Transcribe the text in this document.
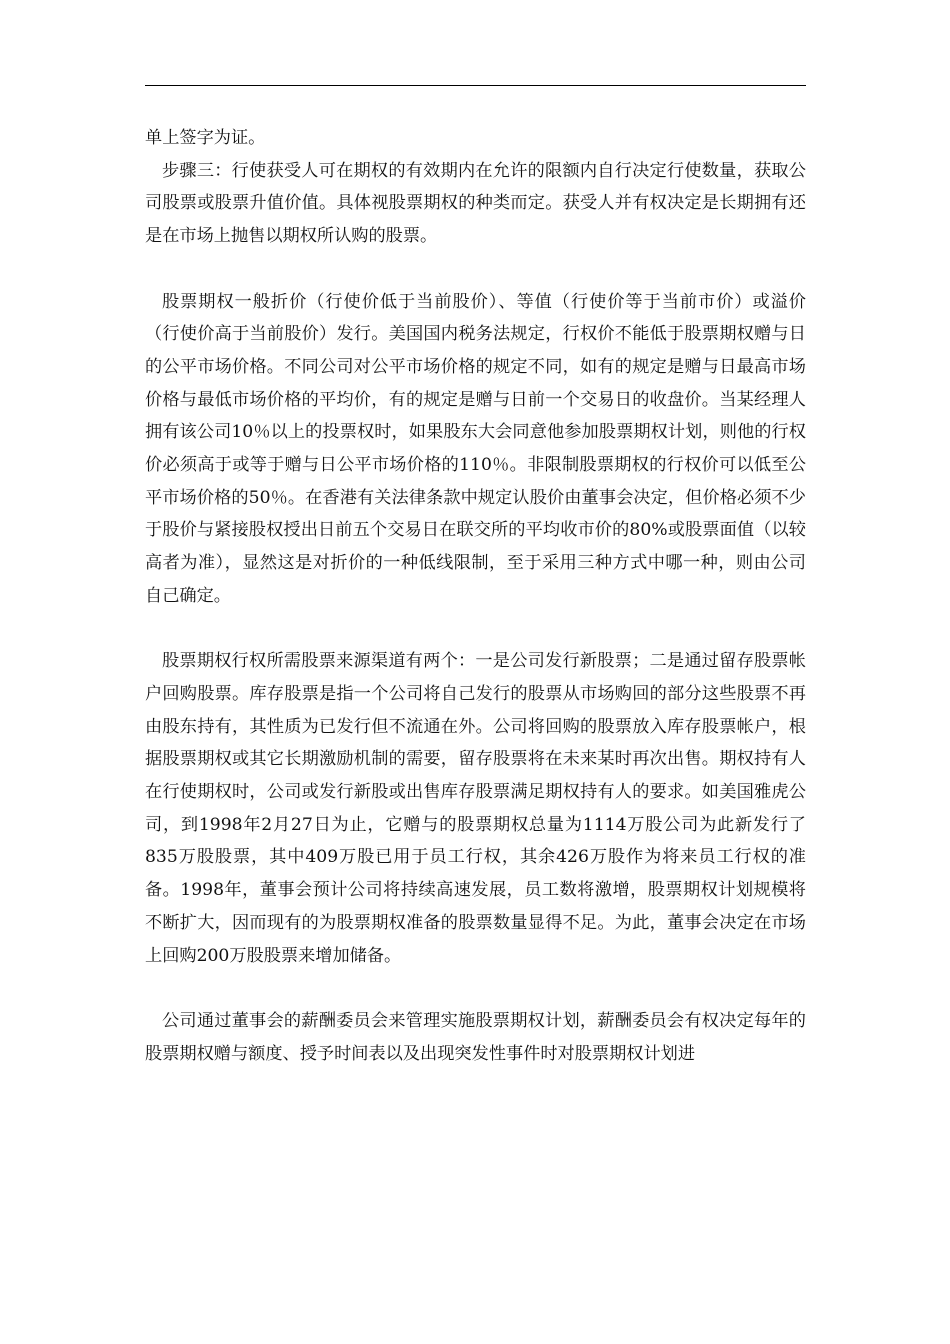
单上签字为证。

步骤三：行使获受人可在期权的有效期内在允许的限额内自行决定行使数量，获取公司股票或股票升值价值。具体视股票期权的种类而定。获受人并有权决定是长期拥有还是在市场上抛售以期权所认购的股票。

股票期权一般折价（行使价低于当前股价）、等值（行使价等于当前市价）或溢价（行使价高于当前股价）发行。美国国内税务法规定，行权价不能低于股票期权赠与日的公平市场价格。不同公司对公平市场价格的规定不同，如有的规定是赠与日最高市场价格与最低市场价格的平均价，有的规定是赠与日前一个交易日的收盘价。当某经理人拥有该公司10％以上的投票权时，如果股东大会同意他参加股票期权计划，则他的行权价必须高于或等于赠与日公平市场价格的110％。非限制股票期权的行权价可以低至公平市场价格的50％。在香港有关法律条款中规定认股价由董事会决定，但价格必须不少于股价与紧接股权授出日前五个交易日在联交所的平均收市价的80%或股票面值（以较高者为准），显然这是对折价的一种低线限制，至于采用三种方式中哪一种，则由公司自己确定。

股票期权行权所需股票来源渠道有两个：一是公司发行新股票；二是通过留存股票帐户回购股票。库存股票是指一个公司将自己发行的股票从市场购回的部分这些股票不再由股东持有，其性质为已发行但不流通在外。公司将回购的股票放入库存股票帐户，根据股票期权或其它长期激励机制的需要，留存股票将在未来某时再次出售。期权持有人在行使期权时，公司或发行新股或出售库存股票满足期权持有人的要求。如美国雅虎公司，到1998年2月27日为止，它赠与的股票期权总量为1114万股公司为此新发行了835万股股票，其中409万股已用于员工行权，其余426万股作为将来员工行权的准备。1998年，董事会预计公司将持续高速发展，员工数将激增，股票期权计划规模将不断扩大，因而现有的为股票期权准备的股票数量显得不足。为此，董事会决定在市场上回购200万股股票来增加储备。

公司通过董事会的薪酬委员会来管理实施股票期权计划，薪酬委员会有权决定每年的股票期权赠与额度、授予时间表以及出现突发性事件时对股票期权计划进
